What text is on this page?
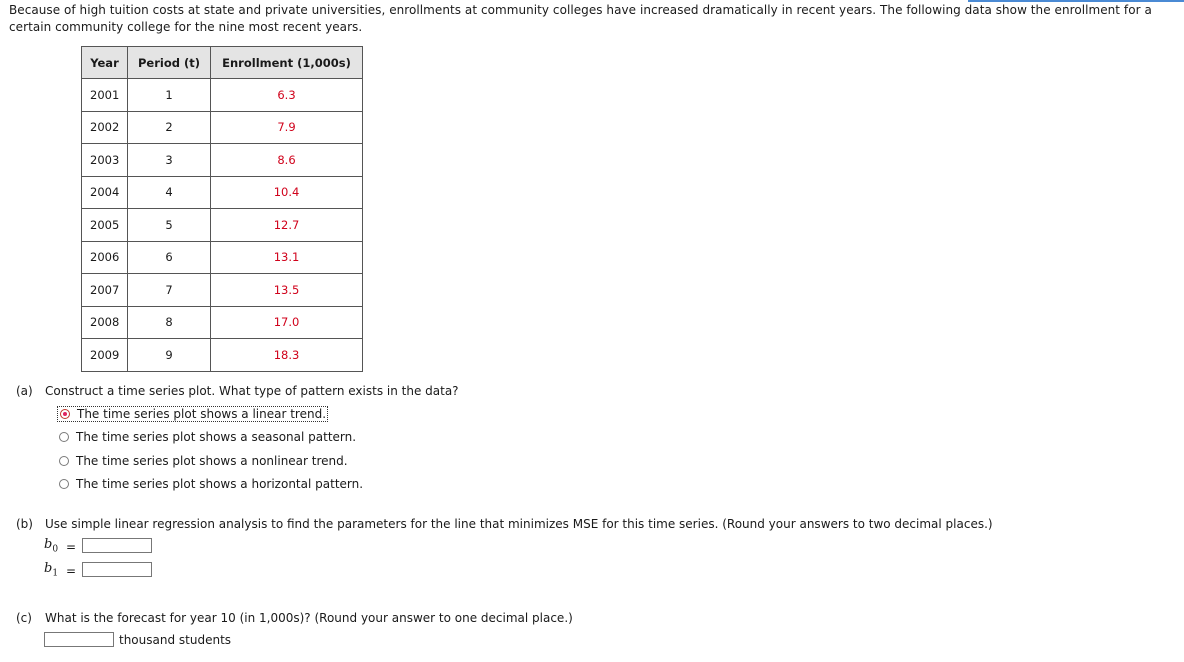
Because of high tuition costs at state and private universities, enrollments at community colleges have increased dramatically in recent years. The following data show the enrollment for a certain community college for the nine most recent years.
Year	Period (t)	Enrollment (1,000s)
2001	1	6.3
2002	2	7.9
2003	3	8.6
2004	4	10.4
2005	5	12.7
2006	6	13.1
2007	7	13.5
2008	8	17.0
2009	9	18.3
(a) Construct a time series plot. What type of pattern exists in the data?
The time series plot shows a linear trend.
The time series plot shows a seasonal pattern.
The time series plot shows a nonlinear trend.
The time series plot shows a horizontal pattern.
(b) Use simple linear regression analysis to find the parameters for the line that minimizes MSE for this time series. (Round your answers to two decimal places.)
$b_0$ =
$b_1$ =
(c) What is the forecast for year 10 (in 1,000s)? (Round your answer to one decimal place.)
thousand students
